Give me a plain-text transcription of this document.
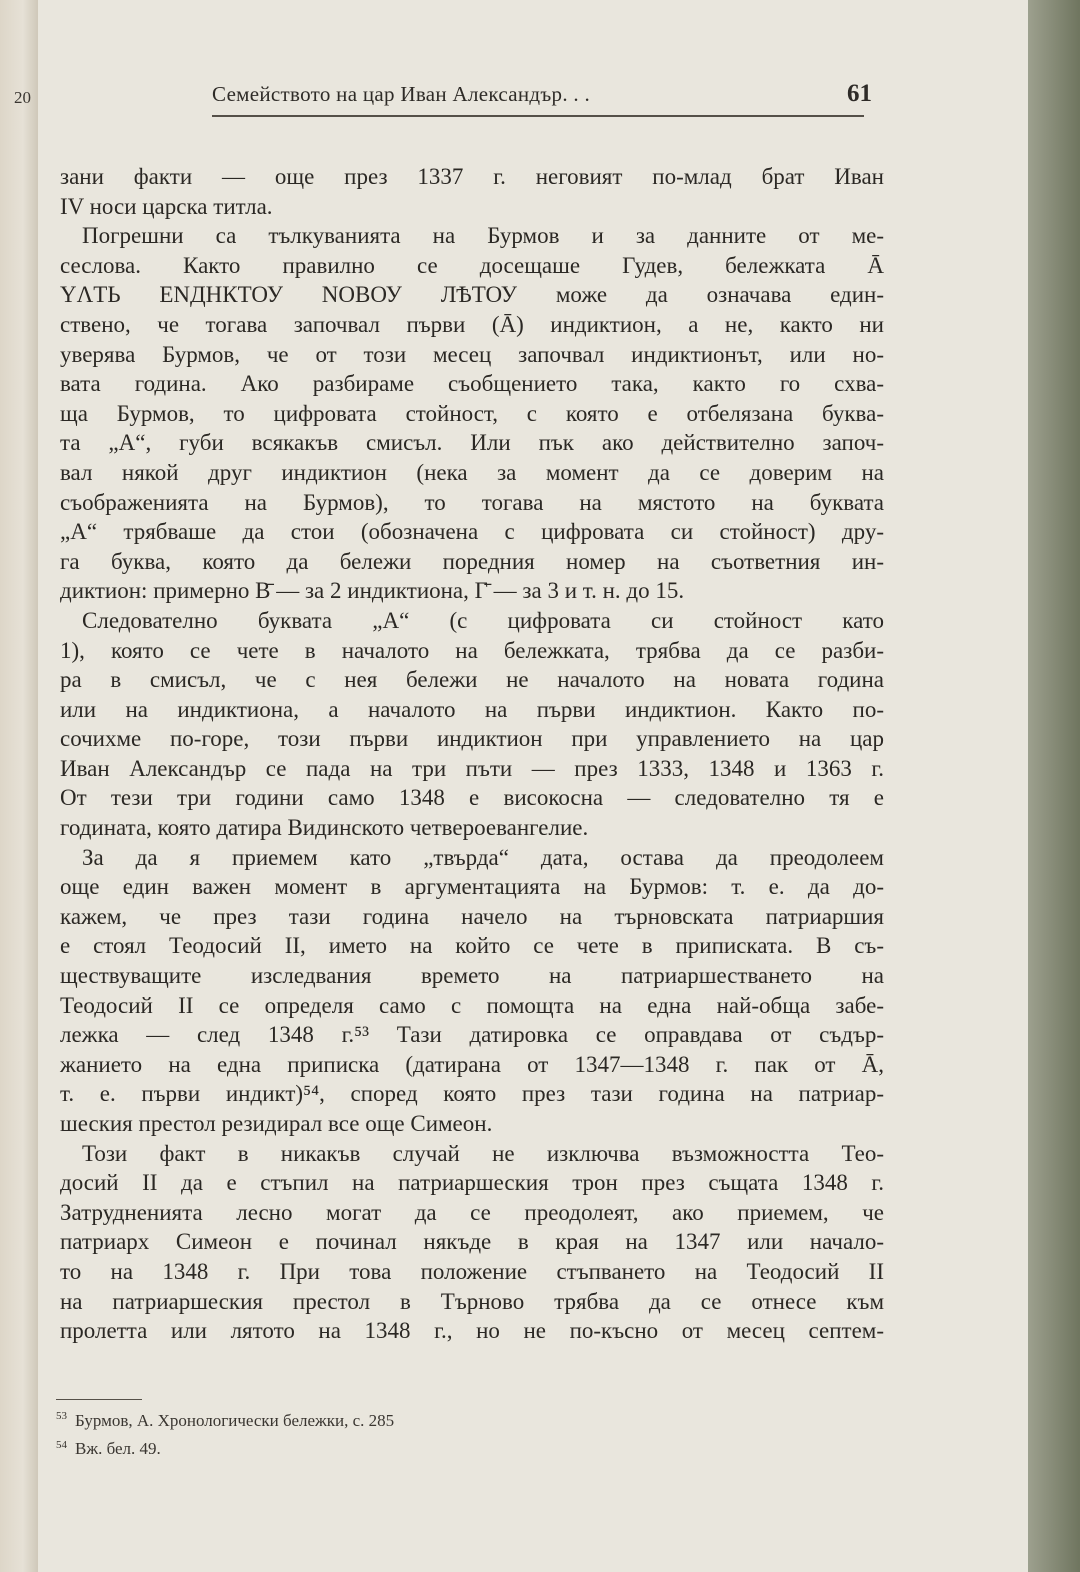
20	Семейството на цар Иван Александър. . .	61
зани факти — още през 1337 г. неговият по-млад брат Иван
IV носи царска титла.
Погрешни са тълкуванията на Бурмов и за данните от ме-
сеслова. Както правилно се досещаше Гудев, бележката Ā
ҮΛТЬ ЕNДНКТОУ NОВОУ ЛѢТОУ може да означава един-
ствено, че тогава започвал първи (Ā) индиктион, а не, както ни
уверява Бурмов, че от този месец започвал индиктионът, или но-
вата година. Ако разбираме съобщението така, както го схва-
ща Бурмов, то цифровата стойност, с която е отбелязана буква-
та „А“, губи всякакъв смисъл. Или пък ако действително започ-
вал някой друг индиктион (нека за момент да се доверим на
съображенията на Бурмов), то тогава на мястото на буквата
„А“ трябваше да стои (обозначена с цифровата си стойност) дру-
га буква, която да бележи поредния номер на съответния ин-
диктион: примерно В̄ — за 2 индиктиона, Г̄ — за 3 и т. н. до 15.
Следователно буквата „А“ (с цифровата си стойност като
1), която се чете в началото на бележката, трябва да се разби-
ра в смисъл, че с нея бележи не началото на новата година
или на индиктиона, а началото на първи индиктион. Както по-
сочихме по-горе, този първи индиктион при управлението на цар
Иван Александър се пада на три пъти — през 1333, 1348 и 1363 г.
От тези три години само 1348 е високосна — следователно тя е
годината, която датира Видинското четвероевангелие.
За да я приемем като „твърда“ дата, остава да преодолеем
още един важен момент в аргументацията на Бурмов: т. е. да до-
кажем, че през тази година начело на търновската патриаршия
е стоял Теодосий II, името на който се чете в приписката. В съ-
ществуващите изследвания времето на патриаршестването на
Теодосий II се определя само с помощта на една най-обща забе-
лежка — след 1348 г.⁵³ Тази датировка се оправдава от съдър-
жанието на една приписка (датирана от 1347—1348 г. пак от Ā,
т. е. първи индикт)⁵⁴, според която през тази година на патриар-
шеския престол резидирал все още Симеон.
Този факт в никакъв случай не изключва възможността Тео-
досий II да е стъпил на патриаршеския трон през същата 1348 г.
Затрудненията лесно могат да се преодолеят, ако приемем, че
патриарх Симеон е починал някъде в края на 1347 или начало-
то на 1348 г. При това положение стъпването на Теодосий II
на патриаршеския престол в Търново трябва да се отнесе към
пролетта или лятото на 1348 г., но не по-късно от месец септем-
$^{53}$ Бурмов, А. Хронологически бележки, с. 285
$^{54}$ Вж. бел. 49.
